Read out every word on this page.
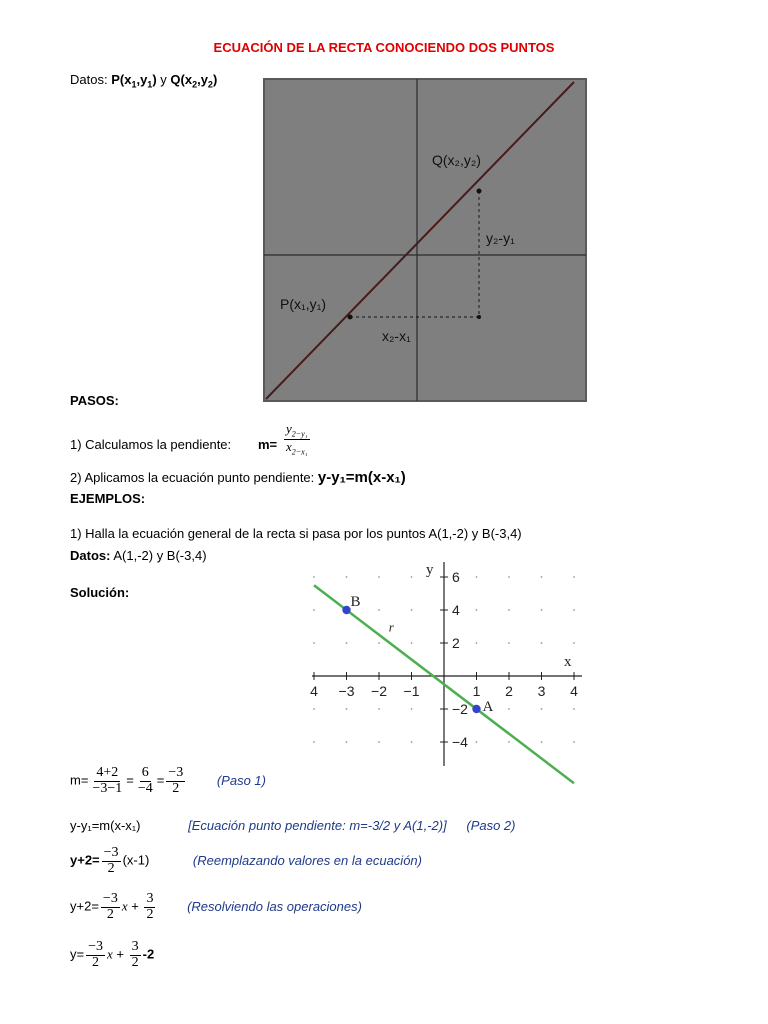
ECUACIÓN DE LA RECTA CONOCIENDO DOS PUNTOS
Datos: $P(x_1,y_1)$ y $Q(x_2,y_2)$
Q(x₂,y₂)
P(x₁,y₁)
y₂-y₁
x₂-x₁
PASOS:
1) Calculamos la pendiente: $m= \frac{y_{2-y_1}}{x_{2-x_1}}$
2) Aplicamos la ecuación punto pendiente: y-y₁=m(x-x₁)
EJEMPLOS:
1) Halla la ecuación general de la recta si pasa por los puntos A(1,-2) y B(-3,4)
Datos: A(1,-2) y B(-3,4)
Solución:
4 −3 −2 −1	1 2 3 4
6
4
2
−2
−4
x
y
r
A
B
$m= \frac{4+2}{-3-1} = \frac{6}{-4} = \frac{-3}{2}$ (Paso 1)
y-y₁=m(x-x₁)	[Ecuación punto pendiente: m=-3/2 y A(1,-2)] (Paso 2)
$y+2= \frac{-3}{2} (x-1)$	(Reemplazando valores en la ecuación)
$y+2= \frac{-3}{2}$ $x + \frac{3}{2}$ (Resolviendo las operaciones)
$y= \frac{-3}{2}$ $x + \frac{3}{2} -2$
